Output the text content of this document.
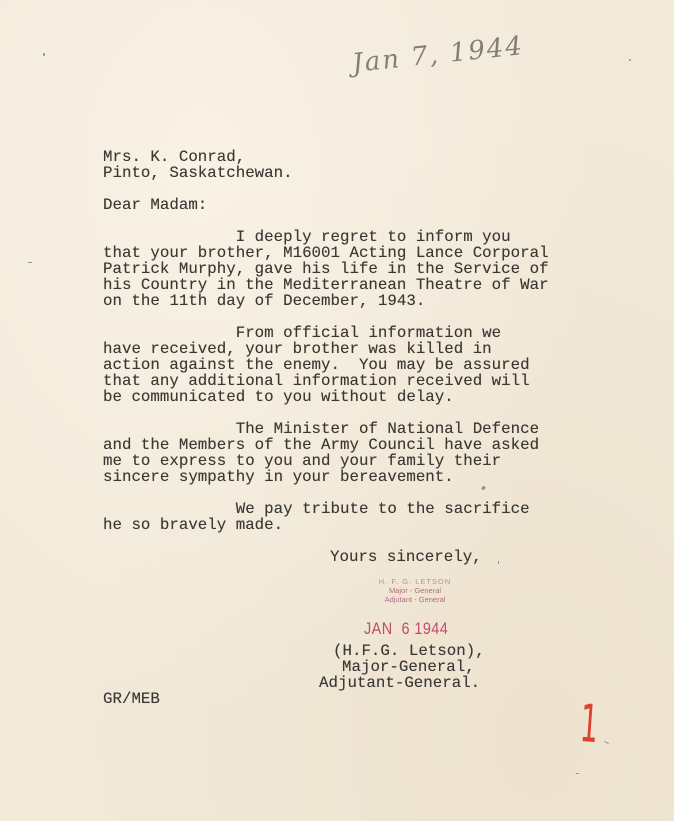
Jan 7, 1944
Mrs. K. Conrad,
Pinto, Saskatchewan.
Dear Madam:
I deeply regret to inform you
that your brother, M16001 Acting Lance Corporal
Patrick Murphy, gave his life in the Service of
his Country in the Mediterranean Theatre of War
on the 11th day of December, 1943.
From official information we
have received, your brother was killed in
action against the enemy.  You may be assured
that any additional information received will
be communicated to you without delay.
The Minister of National Defence
and the Members of the Army Council have asked
me to express to you and your family their
sincere sympathy in your bereavement.
We pay tribute to the sacrifice
he so bravely made.
Yours sincerely,
H. F. G. LETSON
Major - General
Adjutant - General
JAN  6 1944
(H.F.G. Letson),
Major-General,
Adjutant-General.
GR/MEB	1
